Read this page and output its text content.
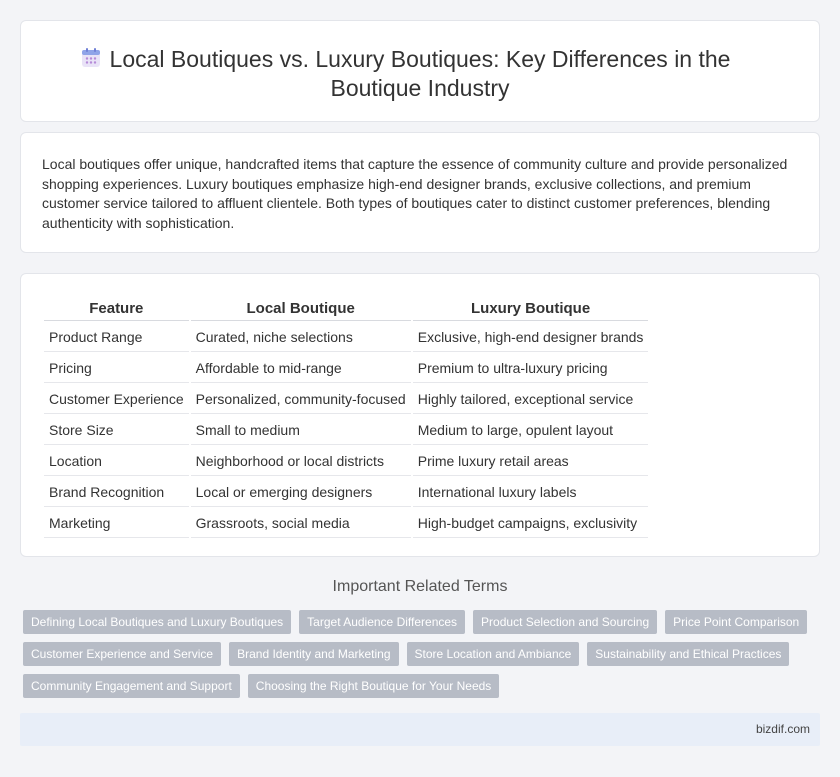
Local Boutiques vs. Luxury Boutiques: Key Differences in the Boutique Industry

Local boutiques offer unique, handcrafted items that capture the essence of community culture and provide personalized shopping experiences. Luxury boutiques emphasize high-end designer brands, exclusive collections, and premium customer service tailored to affluent clientele. Both types of boutiques cater to distinct customer preferences, blending authenticity with sophistication.

Feature	Local Boutique	Luxury Boutique
Product Range	Curated, niche selections	Exclusive, high-end designer brands
Pricing	Affordable to mid-range	Premium to ultra-luxury pricing
Customer Experience	Personalized, community-focused	Highly tailored, exceptional service
Store Size	Small to medium	Medium to large, opulent layout
Location	Neighborhood or local districts	Prime luxury retail areas
Brand Recognition	Local or emerging designers	International luxury labels
Marketing	Grassroots, social media	High-budget campaigns, exclusivity
Important Related Terms
Defining Local Boutiques and Luxury Boutiques	Target Audience Differences	Product Selection and Sourcing	Price Point Comparison
Customer Experience and Service	Brand Identity and Marketing	Store Location and Ambiance	Sustainability and Ethical Practices
Community Engagement and Support	Choosing the Right Boutique for Your Needs
bizdif.com
